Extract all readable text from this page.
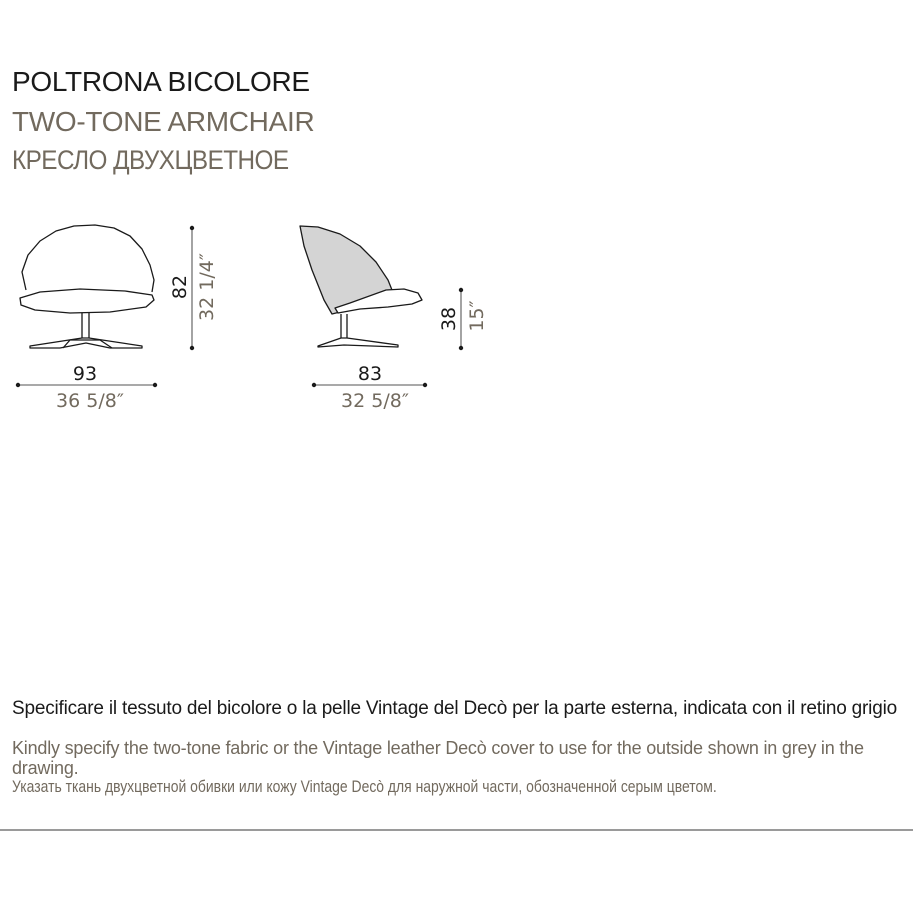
POLTRONA BICOLORE
TWO-TONE ARMCHAIR
КРЕСЛО ДВУХЦВЕТНОЕ
93
36 5/8″
82 32 1/4″
83
32 5/8″
38 15″
Specificare il tessuto del bicolore o la pelle Vintage del Decò per la parte esterna, indicata con il retino grigio
Kindly specify the two-tone fabric or the Vintage leather Decò cover to use for the outside shown in grey in the drawing.
Указать ткань двухцветной обивки или кожу Vintage Decò для наружной части, обозначенной серым цветом.
